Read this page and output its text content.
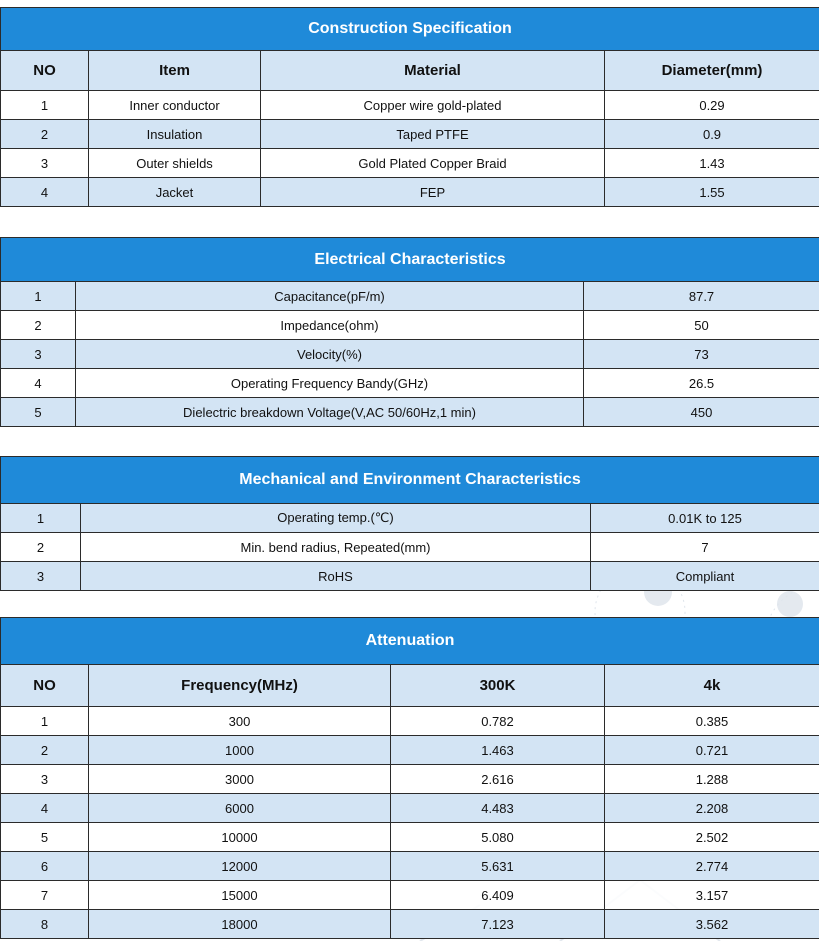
Construction Specification			
NO	Item	Material	Diameter(mm)
1	Inner conductor	Copper wire gold-plated	0.29
2	Insulation	Taped PTFE	0.9
3	Outer shields	Gold Plated Copper Braid	1.43
4	Jacket	FEP	1.55
Electrical Characteristics		
1	Capacitance(pF/m)	87.7
2	Impedance(ohm)	50
3	Velocity(%)	73
4	Operating Frequency Bandy(GHz)	26.5
5	Dielectric breakdown Voltage(V,AC 50/60Hz,1 min)	450
Mechanical and Environment Characteristics		
1	Operating temp.(℃)	0.01K to 125
2	Min. bend radius, Repeated(mm)	7
3	RoHS	Compliant
Attenuation			
NO	Frequency(MHz)	300K	4k
1	300	0.782	0.385
2	1000	1.463	0.721
3	3000	2.616	1.288
4	6000	4.483	2.208
5	10000	5.080	2.502
6	12000	5.631	2.774
7	15000	6.409	3.157
8	18000	7.123	3.562
